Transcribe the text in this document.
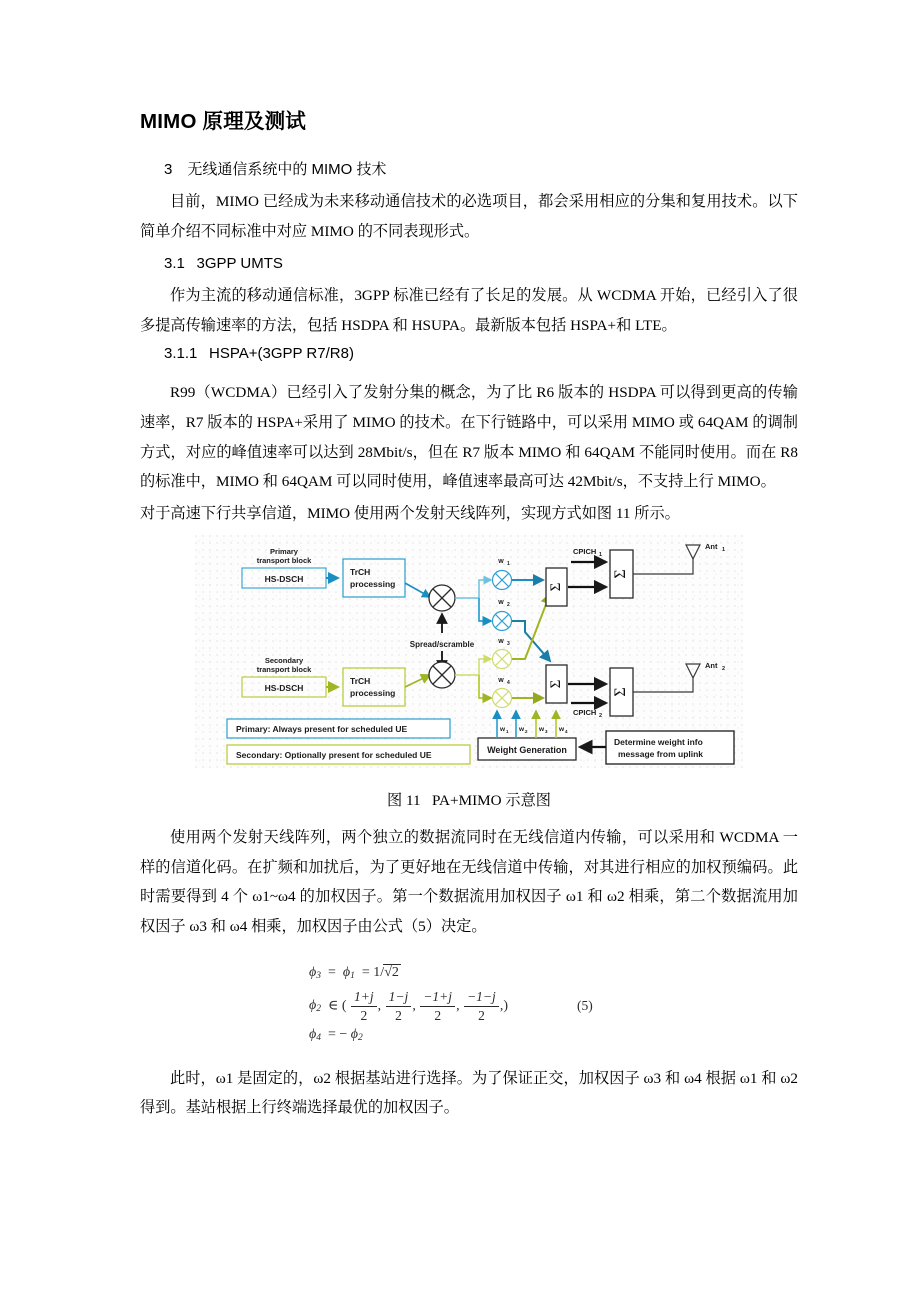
MIMO 原理及测试
3 无线通信系统中的 MIMO 技术

目前，MIMO 已经成为未来移动通信技术的必选项目，都会采用相应的分集和复用技术。以下简单介绍不同标准中对应 MIMO 的不同表现形式。

3.1  3GPP UMTS

作为主流的移动通信标准，3GPP 标准已经有了长足的发展。从 WCDMA 开始，已经引入了很多提高传输速率的方法，包括 HSDPA 和 HSUPA。最新版本包括 HSPA+和 LTE。

3.1.1  HSPA+(3GPP R7/R8)

R99（WCDMA）已经引入了发射分集的概念，为了比 R6 版本的 HSDPA 可以得到更高的传输速率，R7 版本的 HSPA+采用了 MIMO 的技术。在下行链路中，可以采用 MIMO 或 64QAM 的调制方式，对应的峰值速率可以达到 28Mbit/s，但在 R7 版本 MIMO 和 64QAM 不能同时使用。而在 R8 的标准中，MIMO 和 64QAM 可以同时使用，峰值速率最高可达 42Mbit/s，不支持上行 MIMO。

对于高速下行共享信道，MIMO 使用两个发射天线阵列，实现方式如图 11 所示。

Primary
transport block
HS-DSCH
TrCH
processing
Spread/scramble
w 1
w 2
Secondary
transport block
HS-DSCH
TrCH
processing
w 3
w 4
Σ
Σ
CPICH 1
Σ
CPICH 2
Σ
Ant 1
Ant 2
Weight Generation
w 1 w 2 w 3 w 4
Determine weight info
message from uplink
Primary: Always present for scheduled UE
Secondary: Optionally present for scheduled UE
图 11  PA+MIMO 示意图

使用两个发射天线阵列，两个独立的数据流同时在无线信道内传输，可以采用和 WCDMA 一样的信道化码。在扩频和加扰后，为了更好地在无线信道中传输，对其进行相应的加权预编码。此时需要得到 4 个 ω1~ω4 的加权因子。第一个数据流用加权因子 ω1 和 ω2 相乘，第二个数据流用加权因子 ω3 和 ω4 相乘，加权因子由公式（5）决定。

$\phi_3 = \phi_1 = 1/√2$
$\phi_2$  ∈ ( $\frac{1+j}{2}$ , $\frac{1-j}{2}$ , $\frac{-1+j}{2}$ , $\frac{-1-j}{2}$ ,)
$\phi_4$  = − $\phi_2$
(5)

此时，ω1 是固定的，ω2 根据基站进行选择。为了保证正交，加权因子 ω3 和 ω4 根据 ω1 和 ω2 得到。基站根据上行终端选择最优的加权因子。
